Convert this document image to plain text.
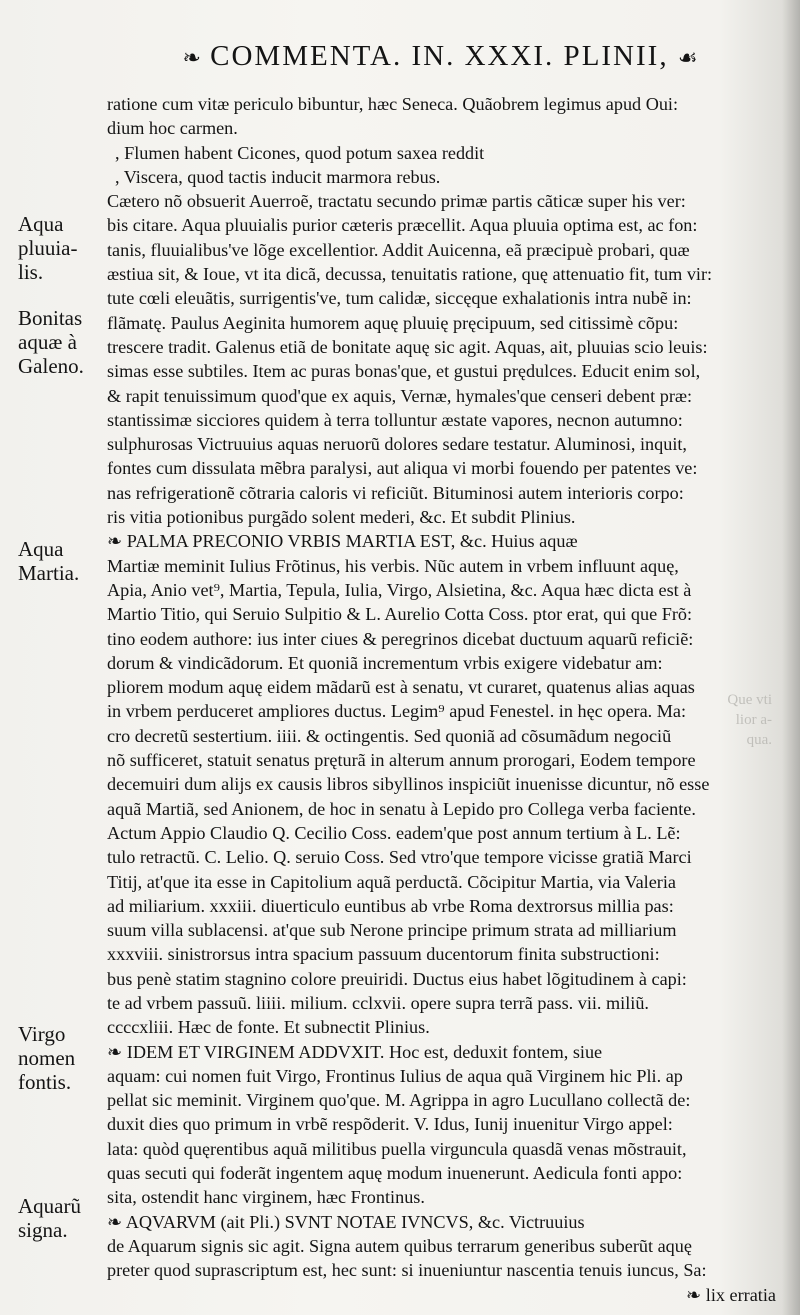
❧ COMMENTA. IN. XXXI. PLINII, ☙
Aqua pluuia-lis.
Bonitas aquæ à Galeno.
Aqua Martia.
Virgo nomen fontis.
Aquarũ signa.
Que vti lior a- qua.
ratione cum vitæ periculo bibuntur, hæc Seneca. Quãobrem legimus apud Oui:
dium hoc carmen.
, Flumen habent Cicones, quod potum saxea reddit
, Viscera, quod tactis inducit marmora rebus.
Cætero nõ obsuerit Auerroẽ, tractatu secundo primæ partis cãticæ super his ver:
bis citare. Aqua pluuialis purior cæteris præcellit. Aqua pluuia optima est, ac fon:
tanis, fluuialibus've lõge excellentior. Addit Auicenna, eã præcipuè probari, quæ
æstiua sit, & Ioue, vt ita dicã, decussa, tenuitatis ratione, quę attenuatio fit, tum vir:
tute cœli eleuãtis, surrigentis've, tum calidæ, siccęque exhalationis intra nubẽ in:
flãmatę. Paulus Aeginita humorem aquę pluuię pręcipuum, sed citissimè cõpu:
trescere tradit. Galenus etiã de bonitate aquę sic agit. Aquas, ait, pluuias scio leuis:
simas esse subtiles. Item ac puras bonas'que, et gustui prędulces. Educit enim sol,
& rapit tenuissimum quod'que ex aquis, Vernæ, hymales'que censeri debent præ:
stantissimæ sicciores quidem à terra tolluntur æstate vapores, necnon autumno:
sulphurosas Victruuius aquas neruorũ dolores sedare testatur. Aluminosi, inquit,
fontes cum dissulata mẽbra paralysi, aut aliqua vi morbi fouendo per patentes ve:
nas refrigerationẽ cõtraria caloris vi reficiũt. Bituminosi autem interioris corpo:
ris vitia potionibus purgãdo solent mederi, &c. Et subdit Plinius.
❧ PALMA PRECONIO VRBIS MARTIA EST, &c. Huius aquæ
Martiæ meminit Iulius Frõtinus, his verbis. Nũc autem in vrbem influunt aquę,
Apia, Anio vet⁹, Martia, Tepula, Iulia, Virgo, Alsietina, &c. Aqua hæc dicta est à
Martio Titio, qui Seruio Sulpitio & L. Aurelio Cotta Coss. ptor erat, qui que Frõ:
tino eodem authore: ius inter ciues & peregrinos dicebat ductuum aquarũ reficiẽ:
dorum & vindicãdorum. Et quoniã incrementum vrbis exigere videbatur am:
pliorem modum aquę eidem mãdarũ est à senatu, vt curaret, quatenus alias aquas
in vrbem perduceret ampliores ductus. Legim⁹ apud Fenestel. in hęc opera. Ma:
cro decretũ sestertium. iiii. & octingentis. Sed quoniã ad cõsumãdum negociũ
nõ sufficeret, statuit senatus pręturã in alterum annum prorogari, Eodem tempore
decemuiri dum alijs ex causis libros sibyllinos inspiciũt inuenisse dicuntur, nõ esse
aquã Martiã, sed Anionem, de hoc in senatu à Lepido pro Collega verba faciente.
Actum Appio Claudio Q. Cecilio Coss. eadem'que post annum tertium à L. Lẽ:
tulo retractũ. C. Lelio. Q. seruio Coss. Sed vtro'que tempore vicisse gratiã Marci
Titij, at'que ita esse in Capitolium aquã perductã. Cõcipitur Martia, via Valeria
ad miliarium. xxxiii. diuerticulo euntibus ab vrbe Roma dextrorsus millia pas:
suum villa sublacensi. at'que sub Nerone principe primum strata ad milliarium
xxxviii. sinistrorsus intra spacium passuum ducentorum finita substructioni:
bus penè statim stagnino colore preuiridi. Ductus eius habet lõgitudinem à capi:
te ad vrbem passuũ. liiii. milium. cclxvii. opere supra terrã pass. vii. miliũ.
ccccxliii. Hæc de fonte. Et subnectit Plinius.
❧ IDEM ET VIRGINEM ADDVXIT. Hoc est, deduxit fontem, siue
aquam: cui nomen fuit Virgo, Frontinus Iulius de aqua quã Virginem hic Pli. ap
pellat sic meminit. Virginem quo'que. M. Agrippa in agro Lucullano collectã de:
duxit dies quo primum in vrbẽ respõderit. V. Idus, Iunij inuenitur Virgo appel:
lata: quòd quęrentibus aquã militibus puella virguncula quasdã venas mõstrauit,
quas secuti qui foderãt ingentem aquę modum inuenerunt. Aedicula fonti appo:
sita, ostendit hanc virginem, hæc Frontinus.
❧ AQVARVM (ait Pli.) SVNT NOTAE IVNCVS, &c. Victruuius
de Aquarum signis sic agit. Signa autem quibus terrarum generibus suberũt aquę
preter quod suprascriptum est, hec sunt: si inueniuntur nascentia tenuis iuncus, Sa:
❧ lix erratia
